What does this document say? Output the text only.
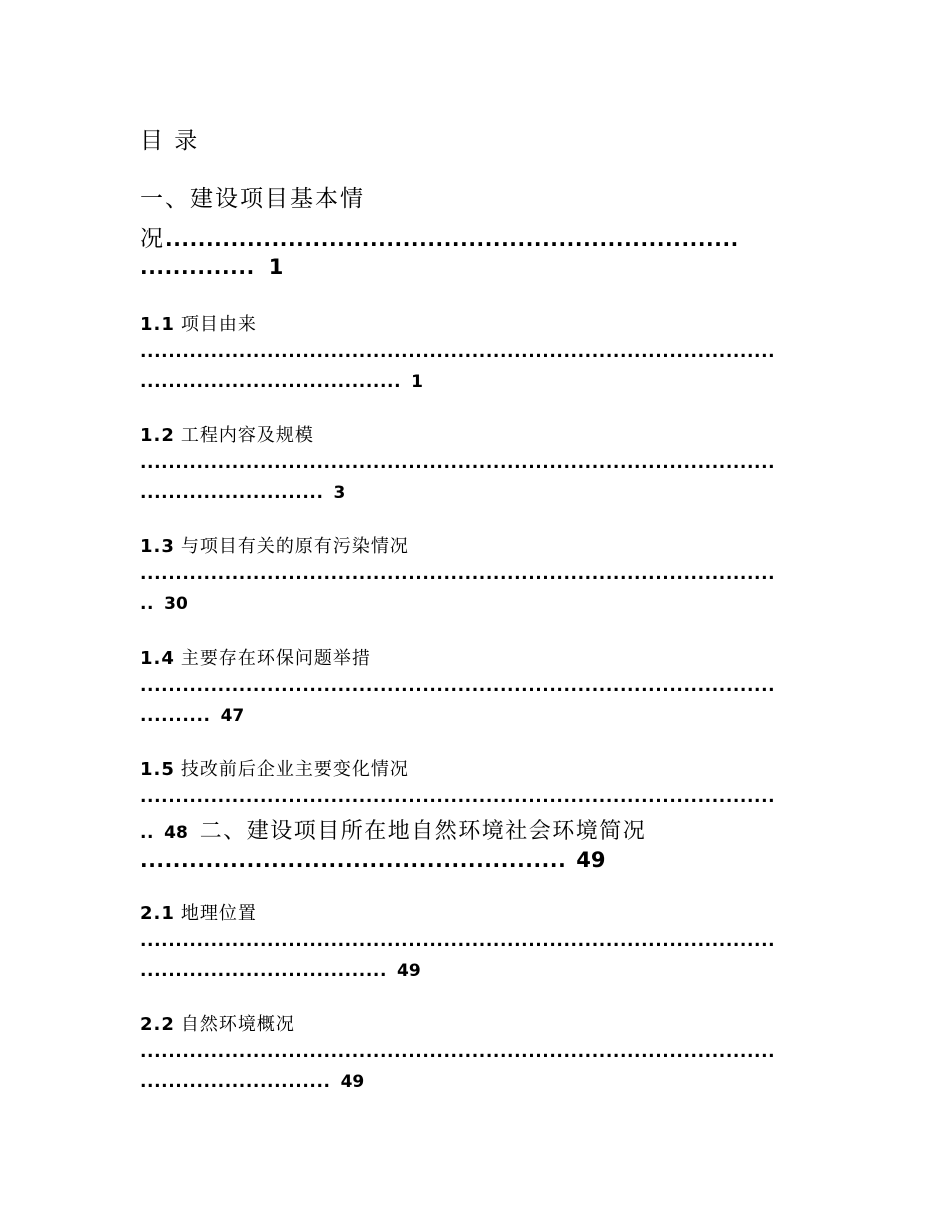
目 录
一、建设项目基本情
况 ......................................................................
.............. 1
1.1 项目由来
..........................................................................................
..................................... 1
1.2 工程内容及规模
..........................................................................................
.......................... 3
1.3 与项目有关的原有污染情况
..........................................................................................
.. 30
1.4 主要存在环保问题举措
..........................................................................................
.......... 47
1.5 技改前后企业主要变化情况
..........................................................................................
.. 48 二、建设项目所在地自然环境社会环境简况
.................................................... 49
2.1 地理位置
..........................................................................................
................................... 49
2.2 自然环境概况
..........................................................................................
........................... 49
